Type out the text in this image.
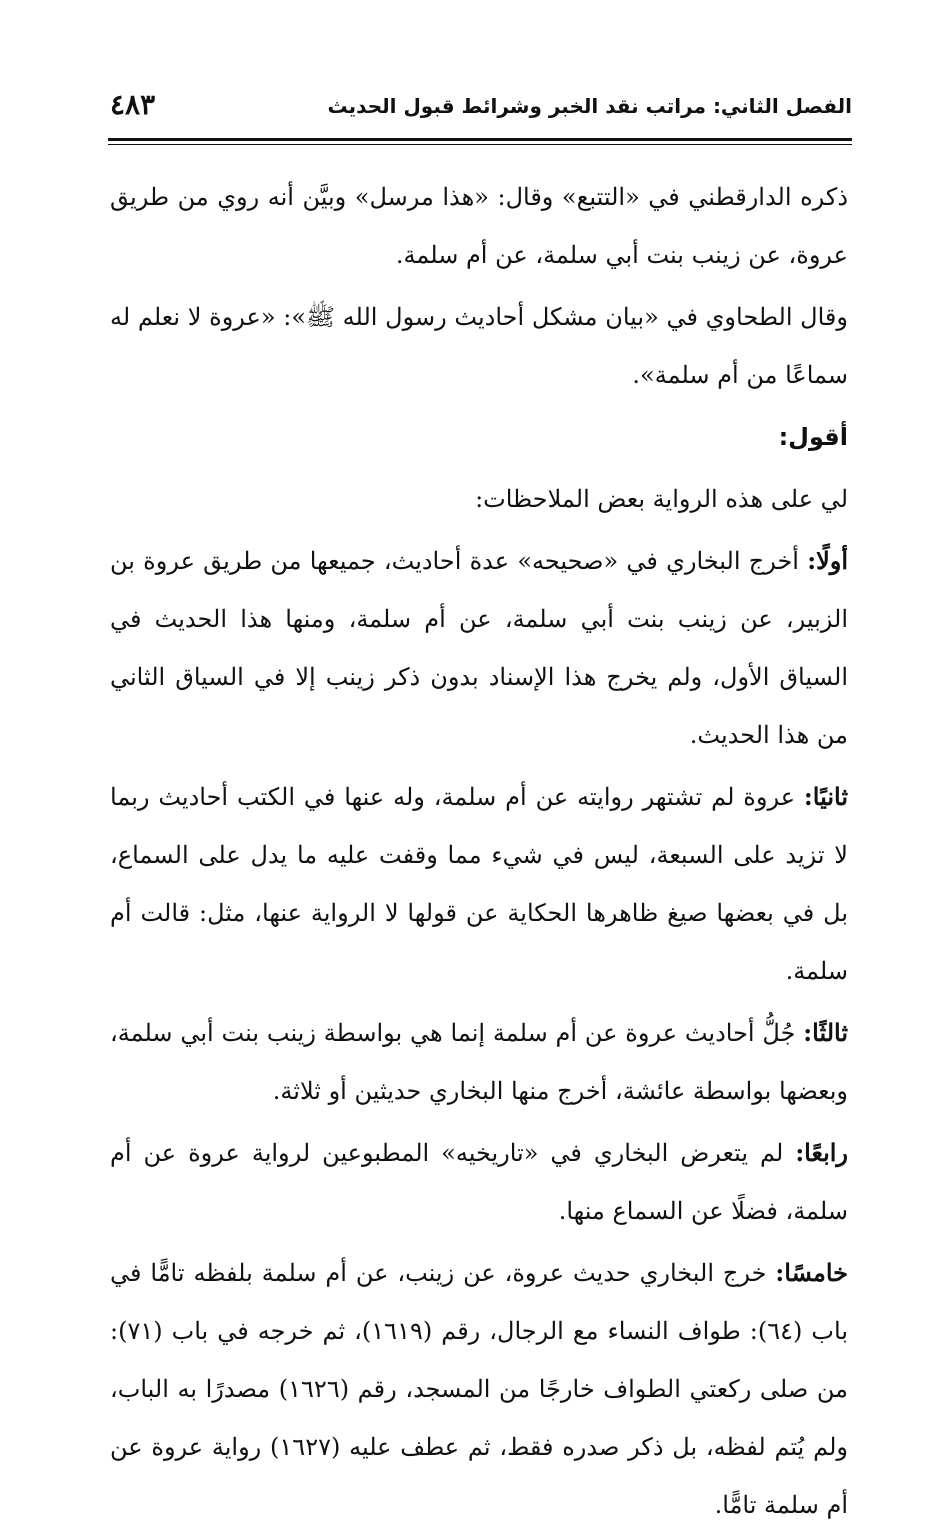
الفصل الثاني: مراتب نقد الخبر وشرائط قبول الحديث
٤٨٣

ذكره الدارقطني في «التتبع» وقال: «هذا مرسل» وبيَّن أنه روي من طريق عروة، عن زينب بنت أبي سلمة، عن أم سلمة.

وقال الطحاوي في «بيان مشكل أحاديث رسول الله ﷺ»: «عروة لا نعلم له سماعًا من أم سلمة».

أقول:

لي على هذه الرواية بعض الملاحظات:

أولًا: أخرج البخاري في «صحيحه» عدة أحاديث، جميعها من طريق عروة بن الزبير، عن زينب بنت أبي سلمة، عن أم سلمة، ومنها هذا الحديث في السياق الأول، ولم يخرج هذا الإسناد بدون ذكر زينب إلا في السياق الثاني من هذا الحديث.

ثانيًا: عروة لم تشتهر روايته عن أم سلمة، وله عنها في الكتب أحاديث ربما لا تزيد على السبعة، ليس في شيء مما وقفت عليه ما يدل على السماع، بل في بعضها صيغ ظاهرها الحكاية عن قولها لا الرواية عنها، مثل: قالت أم سلمة.

ثالثًا: جُلُّ أحاديث عروة عن أم سلمة إنما هي بواسطة زينب بنت أبي سلمة، وبعضها بواسطة عائشة، أخرج منها البخاري حديثين أو ثلاثة.

رابعًا: لم يتعرض البخاري في «تاريخيه» المطبوعين لرواية عروة عن أم سلمة، فضلًا عن السماع منها.

خامسًا: خرج البخاري حديث عروة، عن زينب، عن أم سلمة بلفظه تامًّا في باب (٦٤): طواف النساء مع الرجال، رقم (١٦١٩)، ثم خرجه في باب (٧١): من صلى ركعتي الطواف خارجًا من المسجد، رقم (١٦٢٦) مصدرًا به الباب، ولم يُتم لفظه، بل ذكر صدره فقط، ثم عطف عليه (١٦٢٧) رواية عروة عن أم سلمة تامًّا.
